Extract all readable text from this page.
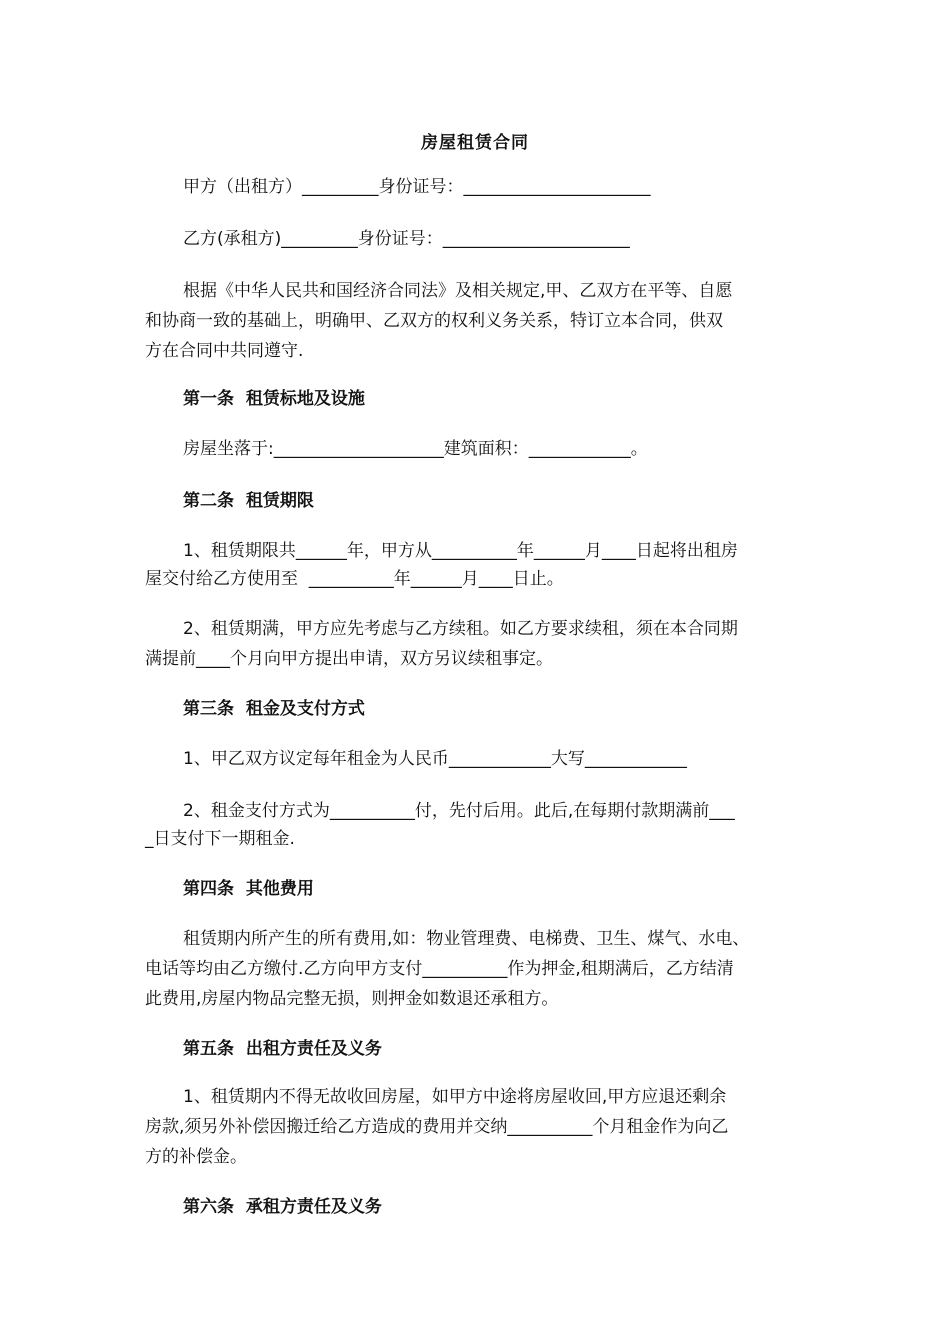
房屋租赁合同
甲方（出租方）_________身份证号：______________________
乙方(承租方)_________身份证号：______________________
根据《中华人民共和国经济合同法》及相关规定,甲、乙双方在平等、自愿
和协商一致的基础上，明确甲、乙双方的权利义务关系，特订立本合同，供双
方在合同中共同遵守.
第一条  租赁标地及设施
房屋坐落于:____________________建筑面积：____________。
第二条  租赁期限
1、租赁期限共______年，甲方从__________年______月____日起将出租房
屋交付给乙方使用至  __________年______月____日止。
2、租赁期满，甲方应先考虑与乙方续租。如乙方要求续租，须在本合同期
满提前____个月向甲方提出申请，双方另议续租事定。
第三条  租金及支付方式
1、甲乙双方议定每年租金为人民币____________大写____________
2、租金支付方式为__________付，先付后用。此后,在每期付款期满前___
_日支付下一期租金.
第四条  其他费用
租赁期内所产生的所有费用,如：物业管理费、电梯费、卫生、煤气、水电、
电话等均由乙方缴付.乙方向甲方支付__________作为押金,租期满后，乙方结清
此费用,房屋内物品完整无损，则押金如数退还承租方。
第五条  出租方责任及义务
1、租赁期内不得无故收回房屋，如甲方中途将房屋收回,甲方应退还剩余
房款,须另外补偿因搬迁给乙方造成的费用并交纳__________个月租金作为向乙
方的补偿金。
第六条  承租方责任及义务
